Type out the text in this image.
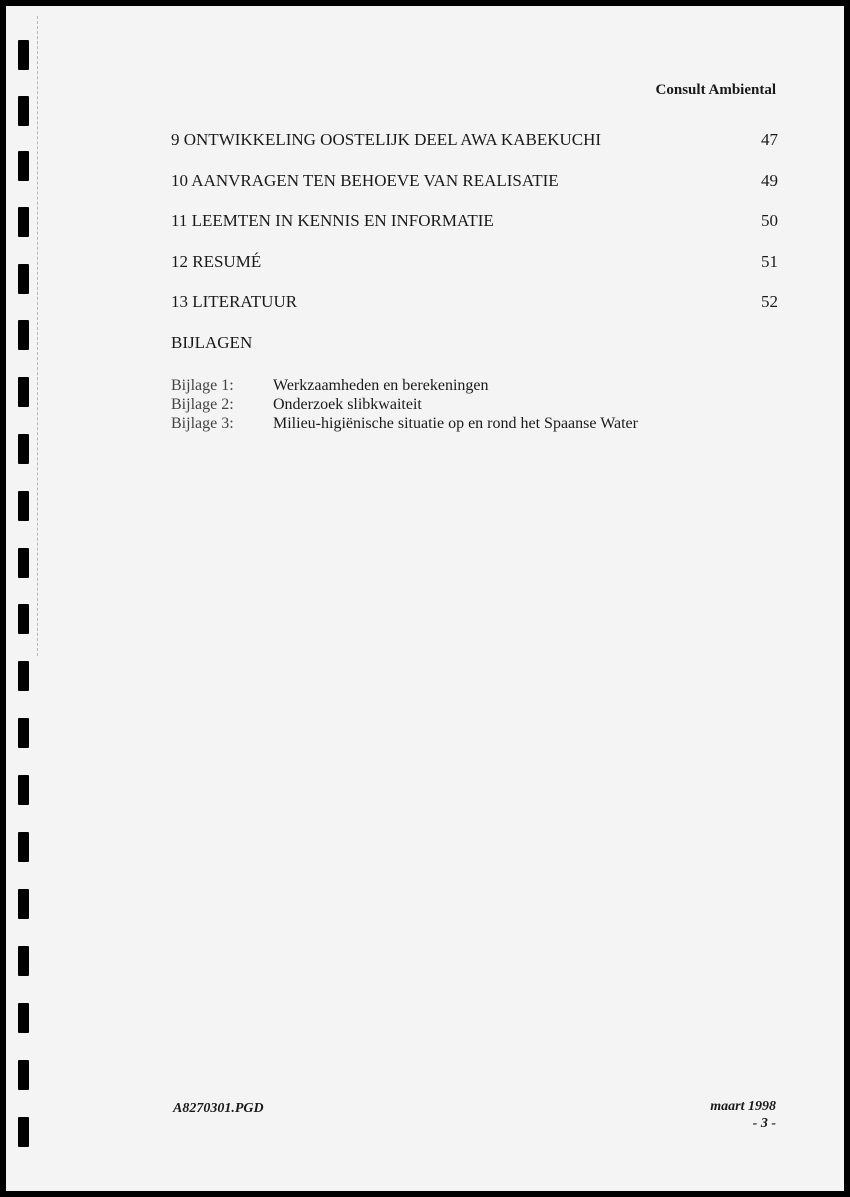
Consult Ambiental
9 ONTWIKKELING OOSTELIJK DEEL AWA KABEKUCHI	47
10 AANVRAGEN TEN BEHOEVE VAN REALISATIE	49
11 LEEMTEN IN KENNIS EN INFORMATIE	50
12 RESUMÉ	51
13 LITERATUUR	52
BIJLAGEN
Bijlage 1:	Werkzaamheden en berekeningen
Bijlage 2:	Onderzoek slibkwaiteit
Bijlage 3:	Milieu-higiënische situatie op en rond het Spaanse Water
A8270301.PGD	maart 1998
- 3 -
